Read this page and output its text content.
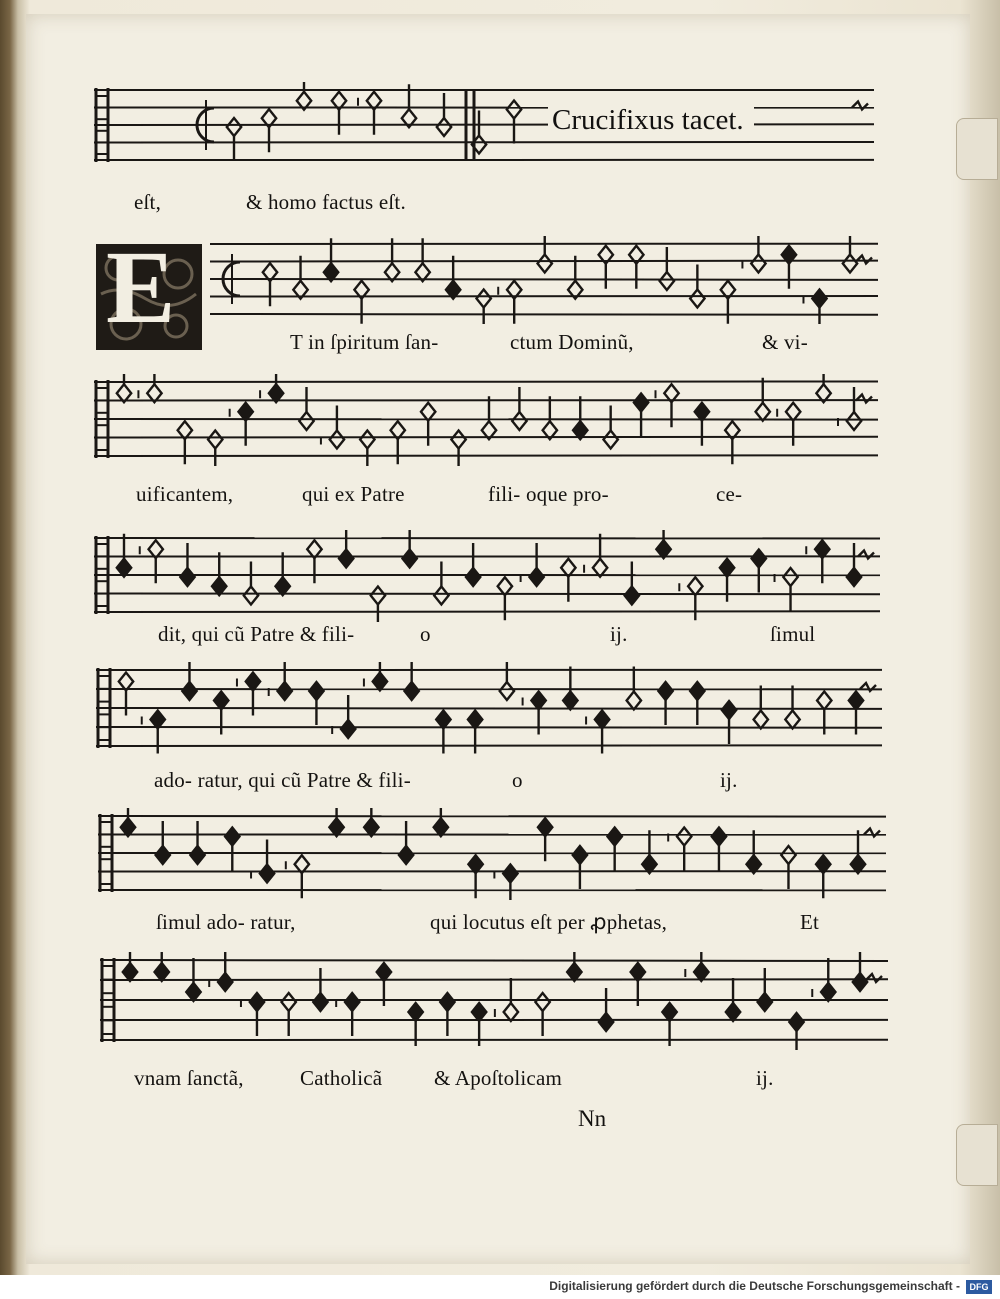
Crucifixus tacet.
eſt,	& homo factus eſt.
E	T in ſpiritum ſan-	ctum Dominũ,	& vi-
uificantem,	qui ex Patre	fili- oque pro-	ce-
dit, qui cũ Patre & fili-	o	ij.	ſimul
ado- ratur, qui cũ Patre & fili-	o	ij.
ſimul ado- ratur,	qui locutus eſt per ꝓphetas,	Et
vnam ſanctã,	Catholicã & Apoſtolicam	ij.
Nn
Digitalisierung gefördert durch die Deutsche Forschungsgemeinschaft -	DFG
